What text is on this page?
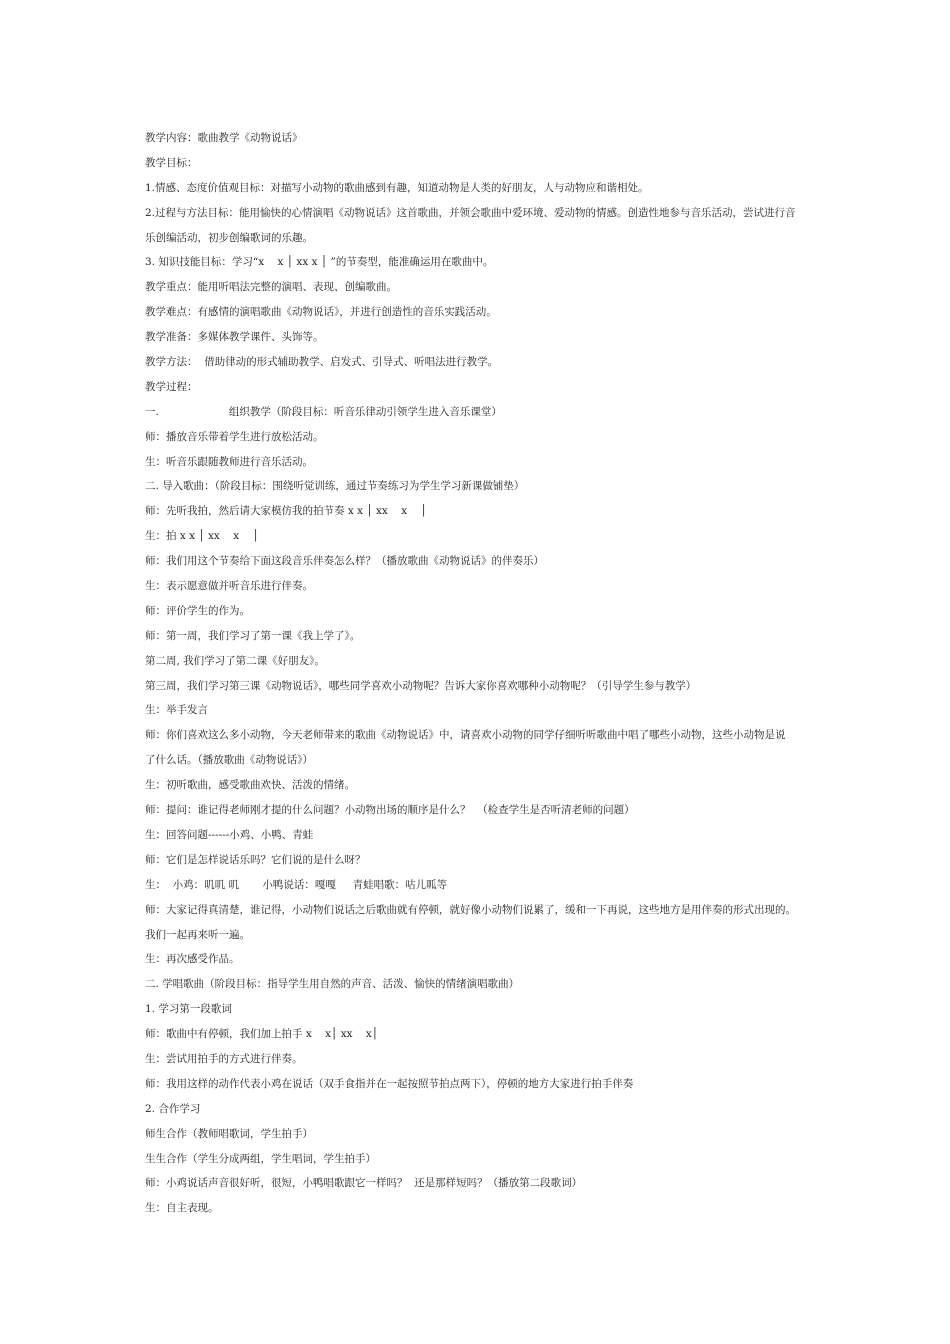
教学内容：歌曲教学《动物说话》
教学目标：
1.情感、态度价值观目标：对描写小动物的歌曲感到有趣，知道动物是人类的好朋友，人与动物应和谐相处。
2.过程与方法目标：能用愉快的心情演唱《动物说话》这首歌曲，并领会歌曲中爱环境、爱动物的情感。创造性地参与音乐活动，尝试进行音
乐创编活动，初步创编歌词的乐趣。
3. 知识技能目标：学习“x    x │ xx x │ ”的节奏型，能准确运用在歌曲中。
教学重点：能用听唱法完整的演唱、表现、创编歌曲。
教学难点：有感情的演唱歌曲《动物说话》，并进行创造性的音乐实践活动。
教学准备：多媒体教学课件、头饰等。
教学方法：  借助律动的形式辅助教学、启发式、引导式、听唱法进行教学。
教学过程：
一.                     组织教学（阶段目标：听音乐律动引领学生进入音乐课堂）
师：播放音乐带着学生进行放松活动。
生：听音乐跟随教师进行音乐活动。
二. 导入歌曲：（阶段目标：围绕听觉训练，通过节奏练习为学生学习新课做铺垫）
师：先听我拍，然后请大家模仿我的拍节奏 x x │ xx    x    │
生：拍 x x │ xx    x    │
师：我们用这个节奏给下面这段音乐伴奏怎么样？（播放歌曲《动物说话》的伴奏乐）
生：表示愿意做并听音乐进行伴奏。
师：评价学生的作为。
师：第一周，我们学习了第一课《我上学了》。
第二周, 我们学习了第二课《好朋友》。
第三周，我们学习第三课《动物说话》，哪些同学喜欢小动物呢？告诉大家你喜欢哪种小动物呢？（引导学生参与教学）
生：举手发言
师：你们喜欢这么多小动物，今天老师带来的歌曲《动物说话》中，请喜欢小动物的同学仔细听听歌曲中唱了哪些小动物，这些小动物是说
了什么话。（播放歌曲《动物说话》）
生：初听歌曲，感受歌曲欢快、活泼的情绪。
师：提问：谁记得老师刚才提的什么问题？小动物出场的顺序是什么？  （检查学生是否听清老师的问题）
生：回答问题------小鸡、小鸭、青蛙
师：它们是怎样说话乐吗？它们说的是什么呀？
生：  小鸡：叽叽 叽       小鸭说话：嘎嘎     青蛙唱歌：咕儿呱等
师：大家记得真清楚，谁记得，小动物们说话之后歌曲就有停顿，就好像小动物们说累了，缓和一下再说，这些地方是用伴奏的形式出现的。
我们一起再来听一遍。
生：再次感受作品。
二. 学唱歌曲（阶段目标：指导学生用自然的声音、活泼、愉快的情绪演唱歌曲）
1. 学习第一段歌词
师：歌曲中有停顿，我们加上拍手 x    x│ xx    x│
生：尝试用拍手的方式进行伴奏。
师：我用这样的动作代表小鸡在说话（双手食指并在一起按照节拍点两下），停顿的地方大家进行拍手伴奏
2. 合作学习
师生合作（教师唱歌词，学生拍手）
生生合作（学生分成两组，学生唱词，学生拍手）
师：小鸡说话声音很好听，很短，小鸭唱歌跟它一样吗？  还是那样短吗？（播放第二段歌词）
生：自主表现。
